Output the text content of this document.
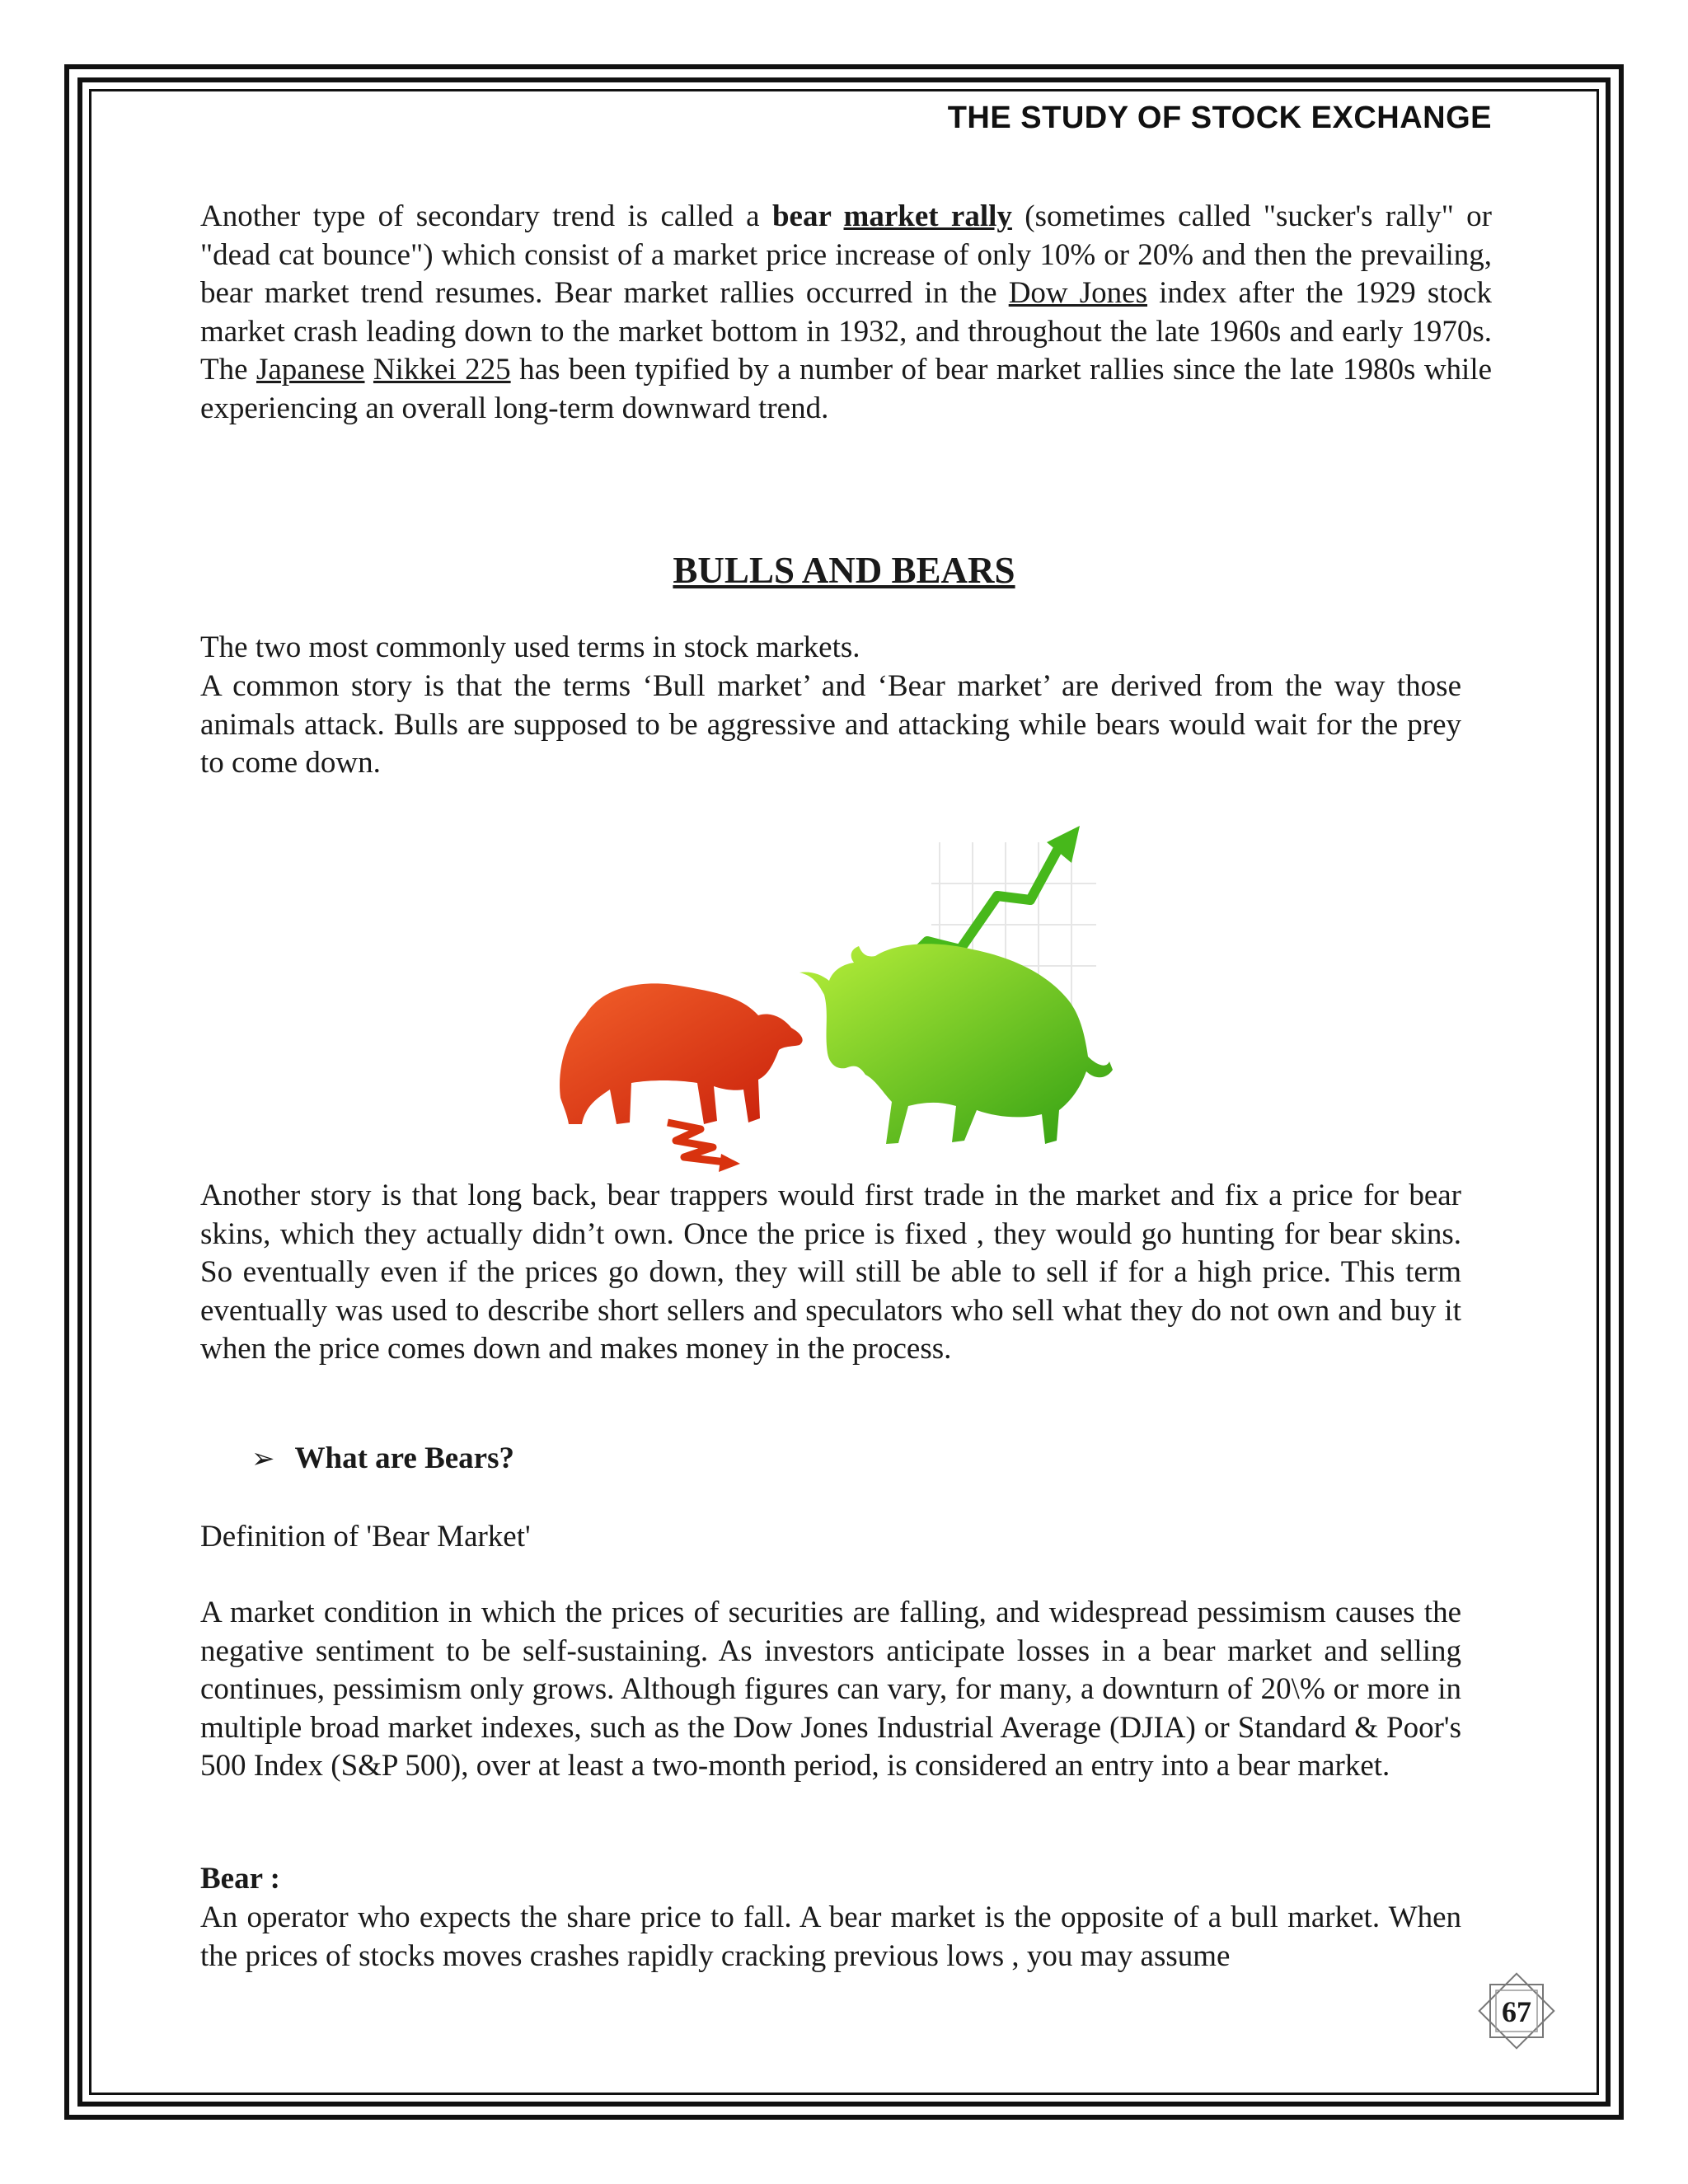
THE STUDY OF STOCK EXCHANGE

Another type of secondary trend is called a bear market rally (sometimes called "sucker's rally" or "dead cat bounce") which consist of a market price increase of only 10% or 20% and then the prevailing, bear market trend resumes. Bear market rallies occurred in the Dow Jones index after the 1929 stock market crash leading down to the market bottom in 1932, and throughout the late 1960s and early 1970s. The Japanese Nikkei 225 has been typified by a number of bear market rallies since the late 1980s while experiencing an overall long-term downward trend.

BULLS AND BEARS

The two most commonly used terms in stock markets.

A common story is that the terms ‘Bull market’ and ‘Bear market’ are derived from the way those animals attack. Bulls are supposed to be aggressive and attacking while bears would wait for the prey to come down.

Another story is that long back, bear trappers would first trade in the market and fix a price for bear skins, which they actually didn’t own. Once the price is fixed , they would go hunting for bear skins. So eventually even if the prices go down, they will still be able to sell if for a high price. This term eventually was used to describe short sellers and speculators who sell what they do not own and buy it when the price comes down and makes money in the process.

➢ What are Bears?

Definition of 'Bear Market'

A market condition in which the prices of securities are falling, and widespread pessimism causes the negative sentiment to be self-sustaining. As investors anticipate losses in a bear market and selling continues, pessimism only grows. Although figures can vary, for many, a downturn of 20\% or more in multiple broad market indexes, such as the Dow Jones Industrial Average (DJIA) or Standard & Poor's 500 Index (S&P 500), over at least a two-month period, is considered an entry into a bear market.

Bear :

An operator who expects the share price to fall. A bear market is the opposite of a bull market. When the prices of stocks moves crashes rapidly cracking previous lows , you may assume

67
